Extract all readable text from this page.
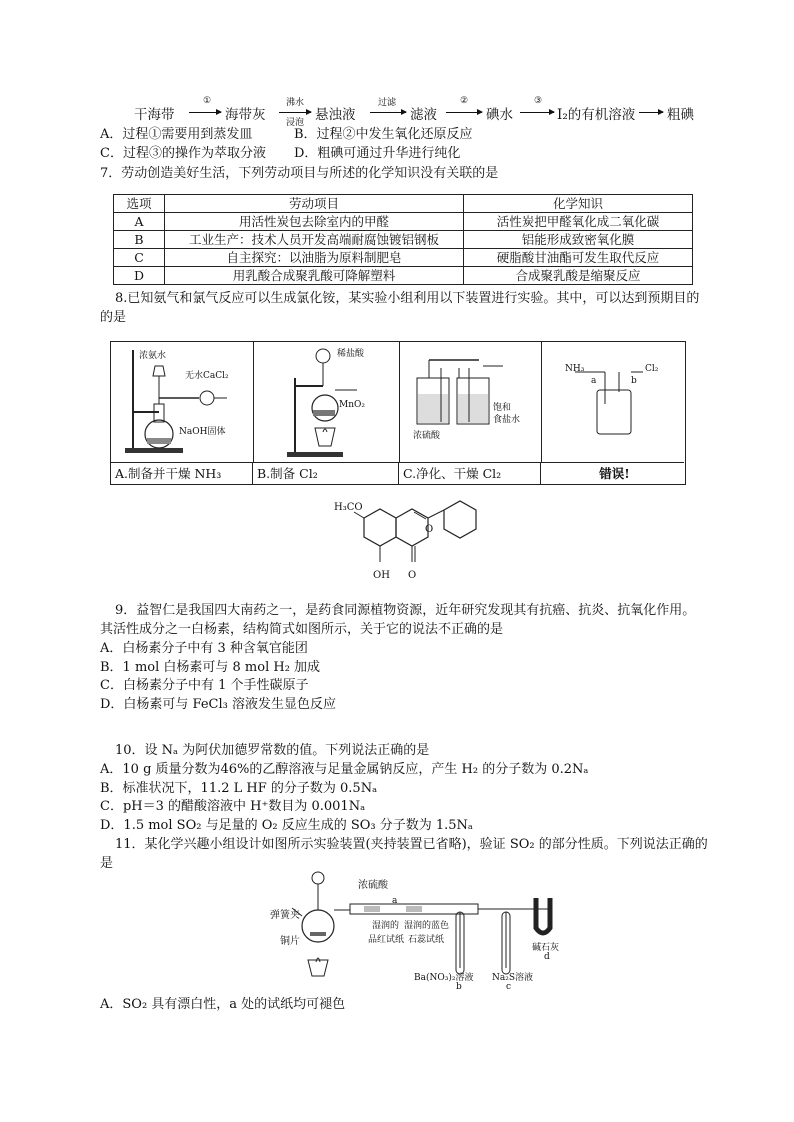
干海带
①
海带灰
沸水
浸泡 悬浊液
过滤
滤液
②
碘水
③
I₂的有机溶液 粗碘
A．过程①需要用到蒸发皿	B．过程②中发生氧化还原反应
C．过程③的操作为萃取分液 D．粗碘可通过升华进行纯化
7．劳动创造美好生活，下列劳动项目与所述的化学知识没有关联的是
选项	劳动项目	化学知识
A	用活性炭包去除室内的甲醛	活性炭把甲醛氧化成二氧化碳
B	工业生产：技术人员开发高端耐腐蚀镀铝钢板	铝能形成致密氧化膜
C	自主探究：以油脂为原料制肥皂	硬脂酸甘油酯可发生取代反应
D	用乳酸合成聚乳酸可降解塑料	合成聚乳酸是缩聚反应
8.已知氨气和氯气反应可以生成氯化铵，某实验小组利用以下装置进行实验。其中，可以达到预期目的
的是
浓氨水
无水CaCl₂
NaOH固体
稀盐酸
MnO₂	饱和
食盐水
浓硫酸
NH₃
a	b
Cl₂
A.制备并干燥 NH₃	B.制备 Cl₂	C.净化、干燥 Cl₂	错误!
H₃CO
OH O
O
9．益智仁是我国四大南药之一，是药食同源植物资源，近年研究发现其有抗癌、抗炎、抗氧化作用。
其活性成分之一白杨素，结构简式如图所示，关于它的说法不正确的是
A．白杨素分子中有 3 种含氧官能团
B．1 mol 白杨素可与 8 mol H₂ 加成
C．白杨素分子中有 1 个手性碳原子
D．白杨素可与 FeCl₃ 溶液发生显色反应
10．设 Nₐ 为阿伏加德罗常数的值。下列说法正确的是
A．10 g 质量分数为46%的乙醇溶液与足量金属钠反应，产生 H₂ 的分子数为 0.2Nₐ
B．标准状况下，11.2 L HF 的分子数为 0.5Nₐ
C．pH＝3 的醋酸溶液中 H⁺数目为 0.001Nₐ
D．1.5 mol SO₂ 与足量的 O₂ 反应生成的 SO₃ 分子数为 1.5Nₐ
11．某化学兴趣小组设计如图所示实验装置(夹持装置已省略)，验证 SO₂ 的部分性质。下列说法正确的
是
浓硫酸
a
弹簧夹
湿润的
品红试纸
湿润的蓝色
石蕊试纸
铜片
Ba(NO₃)₂溶液
b
Na₂S溶液
c
碱石灰
d
A．SO₂ 具有漂白性，a 处的试纸均可褪色
